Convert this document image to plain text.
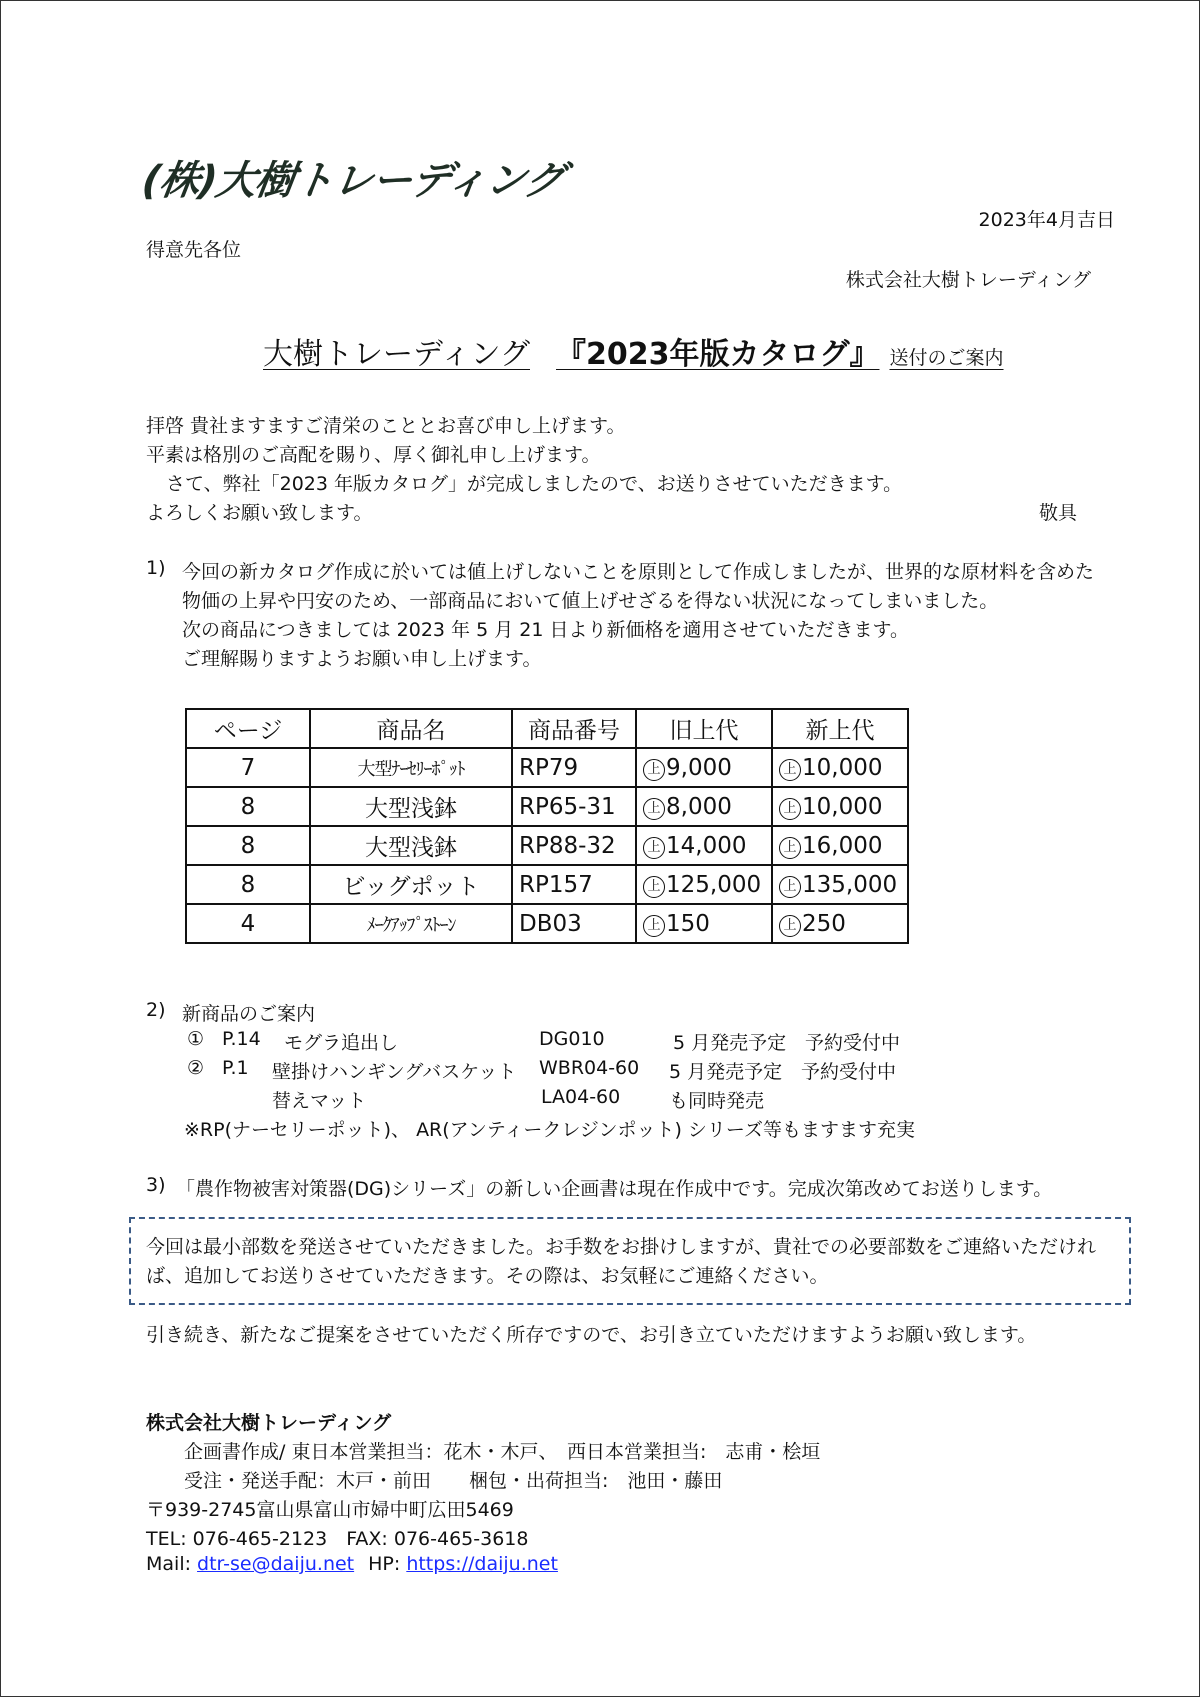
(株)大樹トレーディング
2023年4月吉日
得意先各位
株式会社大樹トレーディング
大樹トレーディング 『2023年版カタログ』 送付のご案内
拝啓 貴社ますますご清栄のこととお喜び申し上げます。
平素は格別のご高配を賜り、厚く御礼申し上げます。
さて、弊社「2023 年版カタログ」が完成しましたので、お送りさせていただきます。
よろしくお願い致します。	敬具
1) 今回の新カタログ作成に於いては値上げしないことを原則として作成しましたが、世界的な原材料を含めた
物価の上昇や円安のため、一部商品において値上げせざるを得ない状況になってしまいました。
次の商品につきましては 2023 年 5 月 21 日より新価格を適用させていただきます。
ご理解賜りますようお願い申し上げます。
ページ	商品名	商品番号	旧上代	新上代
7	大型ﾅｰｾﾘｰﾎﾟｯﾄ	RP79	上 9,000	上 10,000
8	大型浅鉢	RP65-31	上 8,000	上 10,000
8	大型浅鉢	RP88-32	上 14,000	上 16,000
8	ビッグポット	RP157	上 125,000	上 135,000
4	ﾒｰｸｱｯﾌﾟｽﾄｰﾝ	DB03	上 150	上 250
2) 新商品のご案内
① P.14 モグラ追出し	DG010	5 月発売予定 予約受付中
② P.1 壁掛けハンギングバスケット WBR04-60 5 月発売予定 予約受付中
替えマット	LA04-60	も同時発売
※RP(ナーセリーポット)、 AR(アンティークレジンポット) シリーズ等もますます充実
3) 「農作物被害対策器(DG)シリーズ」の新しい企画書は現在作成中です。完成次第改めてお送りします。
今回は最小部数を発送させていただきました。お手数をお掛けしますが、貴社での必要部数をご連絡いただけれ
ば、追加してお送りさせていただきます。その際は、お気軽にご連絡ください。
引き続き、新たなご提案をさせていただく所存ですので、お引き立ていただけますようお願い致します。
株式会社大樹トレーディング
企画書作成/ 東日本営業担当：花木・木戸、　西日本営業担当:　志甫・桧垣
受注・発送手配：木戸・前田　　梱包・出荷担当:　池田・藤田
〒939-2745富山県富山市婦中町広田5469
TEL: 076-465-2123　FAX: 076-465-3618
Mail: dtr-se@daiju.net HP: https://daiju.net
